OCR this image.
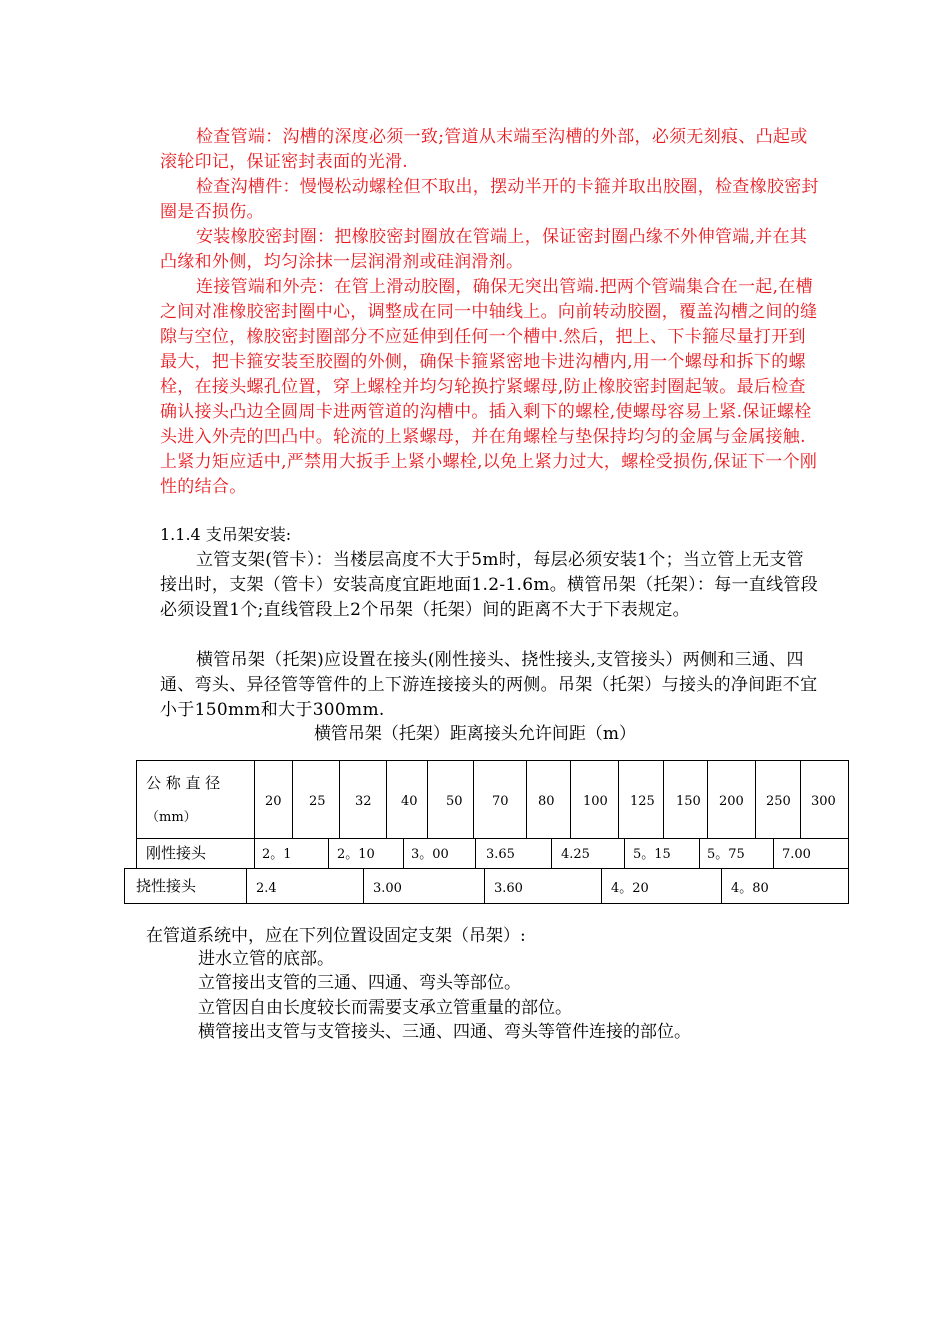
检查管端：沟槽的深度必须一致;管道从末端至沟槽的外部，必须无刻痕、凸起或滚轮印记，保证密封表面的光滑.

检查沟槽件：慢慢松动螺栓但不取出，摆动半开的卡箍并取出胶圈，检查橡胶密封圈是否损伤。

安装橡胶密封圈：把橡胶密封圈放在管端上，保证密封圈凸缘不外伸管端,并在其凸缘和外侧，均匀涂抹一层润滑剂或硅润滑剂。

连接管端和外壳：在管上滑动胶圈，确保无突出管端.把两个管端集合在一起,在槽之间对准橡胶密封圈中心，调整成在同一中轴线上。向前转动胶圈，覆盖沟槽之间的缝隙与空位，橡胶密封圈部分不应延伸到任何一个槽中.然后，把上、下卡箍尽量打开到最大，把卡箍安装至胶圈的外侧，确保卡箍紧密地卡进沟槽内,用一个螺母和拆下的螺栓，在接头螺孔位置，穿上螺栓并均匀轮换拧紧螺母,防止橡胶密封圈起皱。最后检查确认接头凸边全圆周卡进两管道的沟槽中。插入剩下的螺栓,使螺母容易上紧.保证螺栓头进入外壳的凹凸中。轮流的上紧螺母，并在角螺栓与垫保持均匀的金属与金属接触.上紧力矩应适中,严禁用大扳手上紧小螺栓,以免上紧力过大，螺栓受损伤,保证下一个刚性的结合。

1.1.4 支吊架安装:

立管支架(管卡）：当楼层高度不大于5m时，每层必须安装1个；当立管上无支管接出时，支架（管卡）安装高度宜距地面1.2-1.6m。横管吊架（托架）：每一直线管段必须设置1个;直线管段上2个吊架（托架）间的距离不大于下表规定。

横管吊架（托架)应设置在接头(刚性接头、挠性接头,支管接头）两侧和三通、四通、弯头、异径管等管件的上下游连接接头的两侧。吊架（托架）与接头的净间距不宜小于150mm和大于300mm.

横管吊架（托架）距离接头允许间距（m）

公 称 直 径
（mm）
20 25 32 40 50 70 80 100 125 150 200 250 300
刚性接头	2。1	2。10	3。00	3.65	4.25	5。15	5。75	7.00
挠性接头	2.4	3.00	3.60	4。20	4。80

在管道系统中，应在下列位置设固定支架（吊架）:

进水立管的底部。

立管接出支管的三通、四通、弯头等部位。

立管因自由长度较长而需要支承立管重量的部位。

横管接出支管与支管接头、三通、四通、弯头等管件连接的部位。
